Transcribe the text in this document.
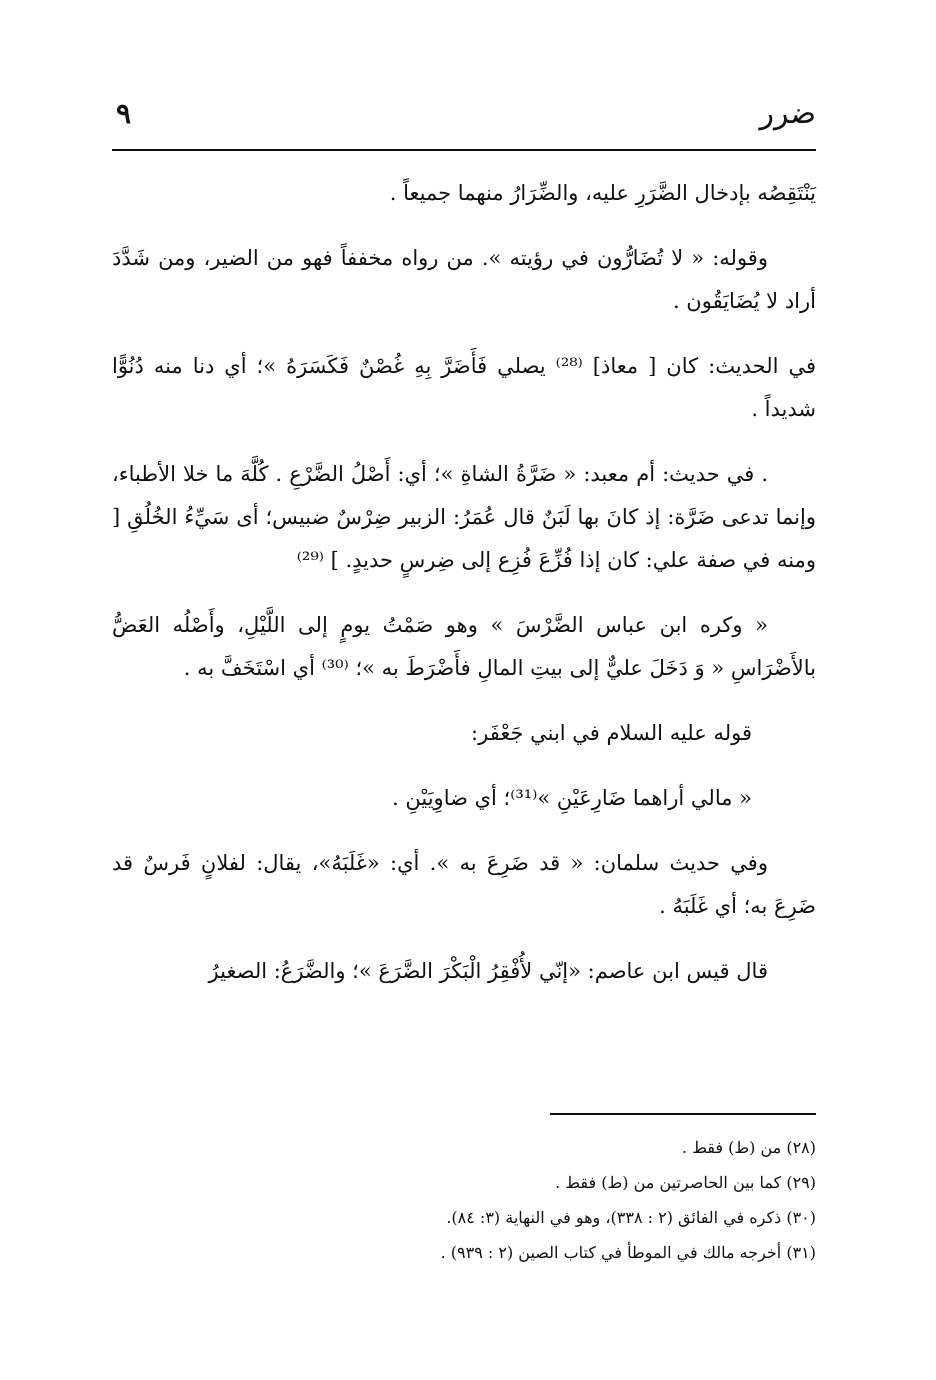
ضرر
٩

يَنْتَقِصُه بإدخال الضَّرَرِ عليه، والضِّرَارُ منهما جميعاً .

وقوله: « لا تُضَارُّون في رؤيته ». من رواه مخففاً فهو من الضير، ومن شَدَّدَ أراد لا يُضَايَقُون .

في الحديث: كان [ معاذ] ⁽²⁸⁾ يصلي فَأَضَرَّ بِهِ غُصْنٌ فَكَسَرَهُ »؛ أي دنا منه دُنُوًّا شديداً .

. في حديث: أم معبد: « ضَرَّةُ الشاةِ »؛ أي: أَصْلُ الضَّرْعِ . كُلَّهَ ما خلا الأطباء، وإنما تدعى ضَرَّة: إذ كانَ بها لَبَنٌ قال عُمَرُ: الزبير ضِرْسٌ ضبيس؛ أى سَيِّءُ الخُلُقِ [ ومنه في صفة علي: كان إذا فُزِّعَ فُزِع إلى ضِرسٍ حديدٍ. ] ⁽²⁹⁾

« وكره ابن عباس الضَّرْسَ » وهو صَمْتُ يومٍ إلى اللَّيْلِ، وأَصْلُه العَضُّ بالأَضْرَاسِ « وَ دَخَلَ عليٌّ إلى بيتِ المالِ فأَضْرَطَ به »؛ ⁽³⁰⁾ أي اسْتَخَفَّ به .

قوله عليه السلام في ابني جَعْفَر:

« مالي أراهما ضَارِعَيْنِ »⁽³¹⁾؛ أي ضاوِيَيْنِ .

وفي حديث سلمان: « قد ضَرِعَ به ». أي: «غَلَبَهُ»، يقال: لفلانٍ فَرسٌ قد ضَرِعَ به؛ أي غَلَبَهُ .

قال قيس ابن عاصم: «إنّي لأُفْقِرُ الْبَكْرَ الضَّرَعَ »؛ والضَّرَعُ: الصغيرُ

(٢٨) من (ط) فقط .

(٢٩) كما بين الحاصرتين من (ط) فقط .

(٣٠) ذكره في الفائق (٢ : ٣٣٨)، وهو في النهاية (٣: ٨٤).

(٣١) أخرجه مالك في الموطأ في كتاب الصين (٢ : ٩٣٩) .
